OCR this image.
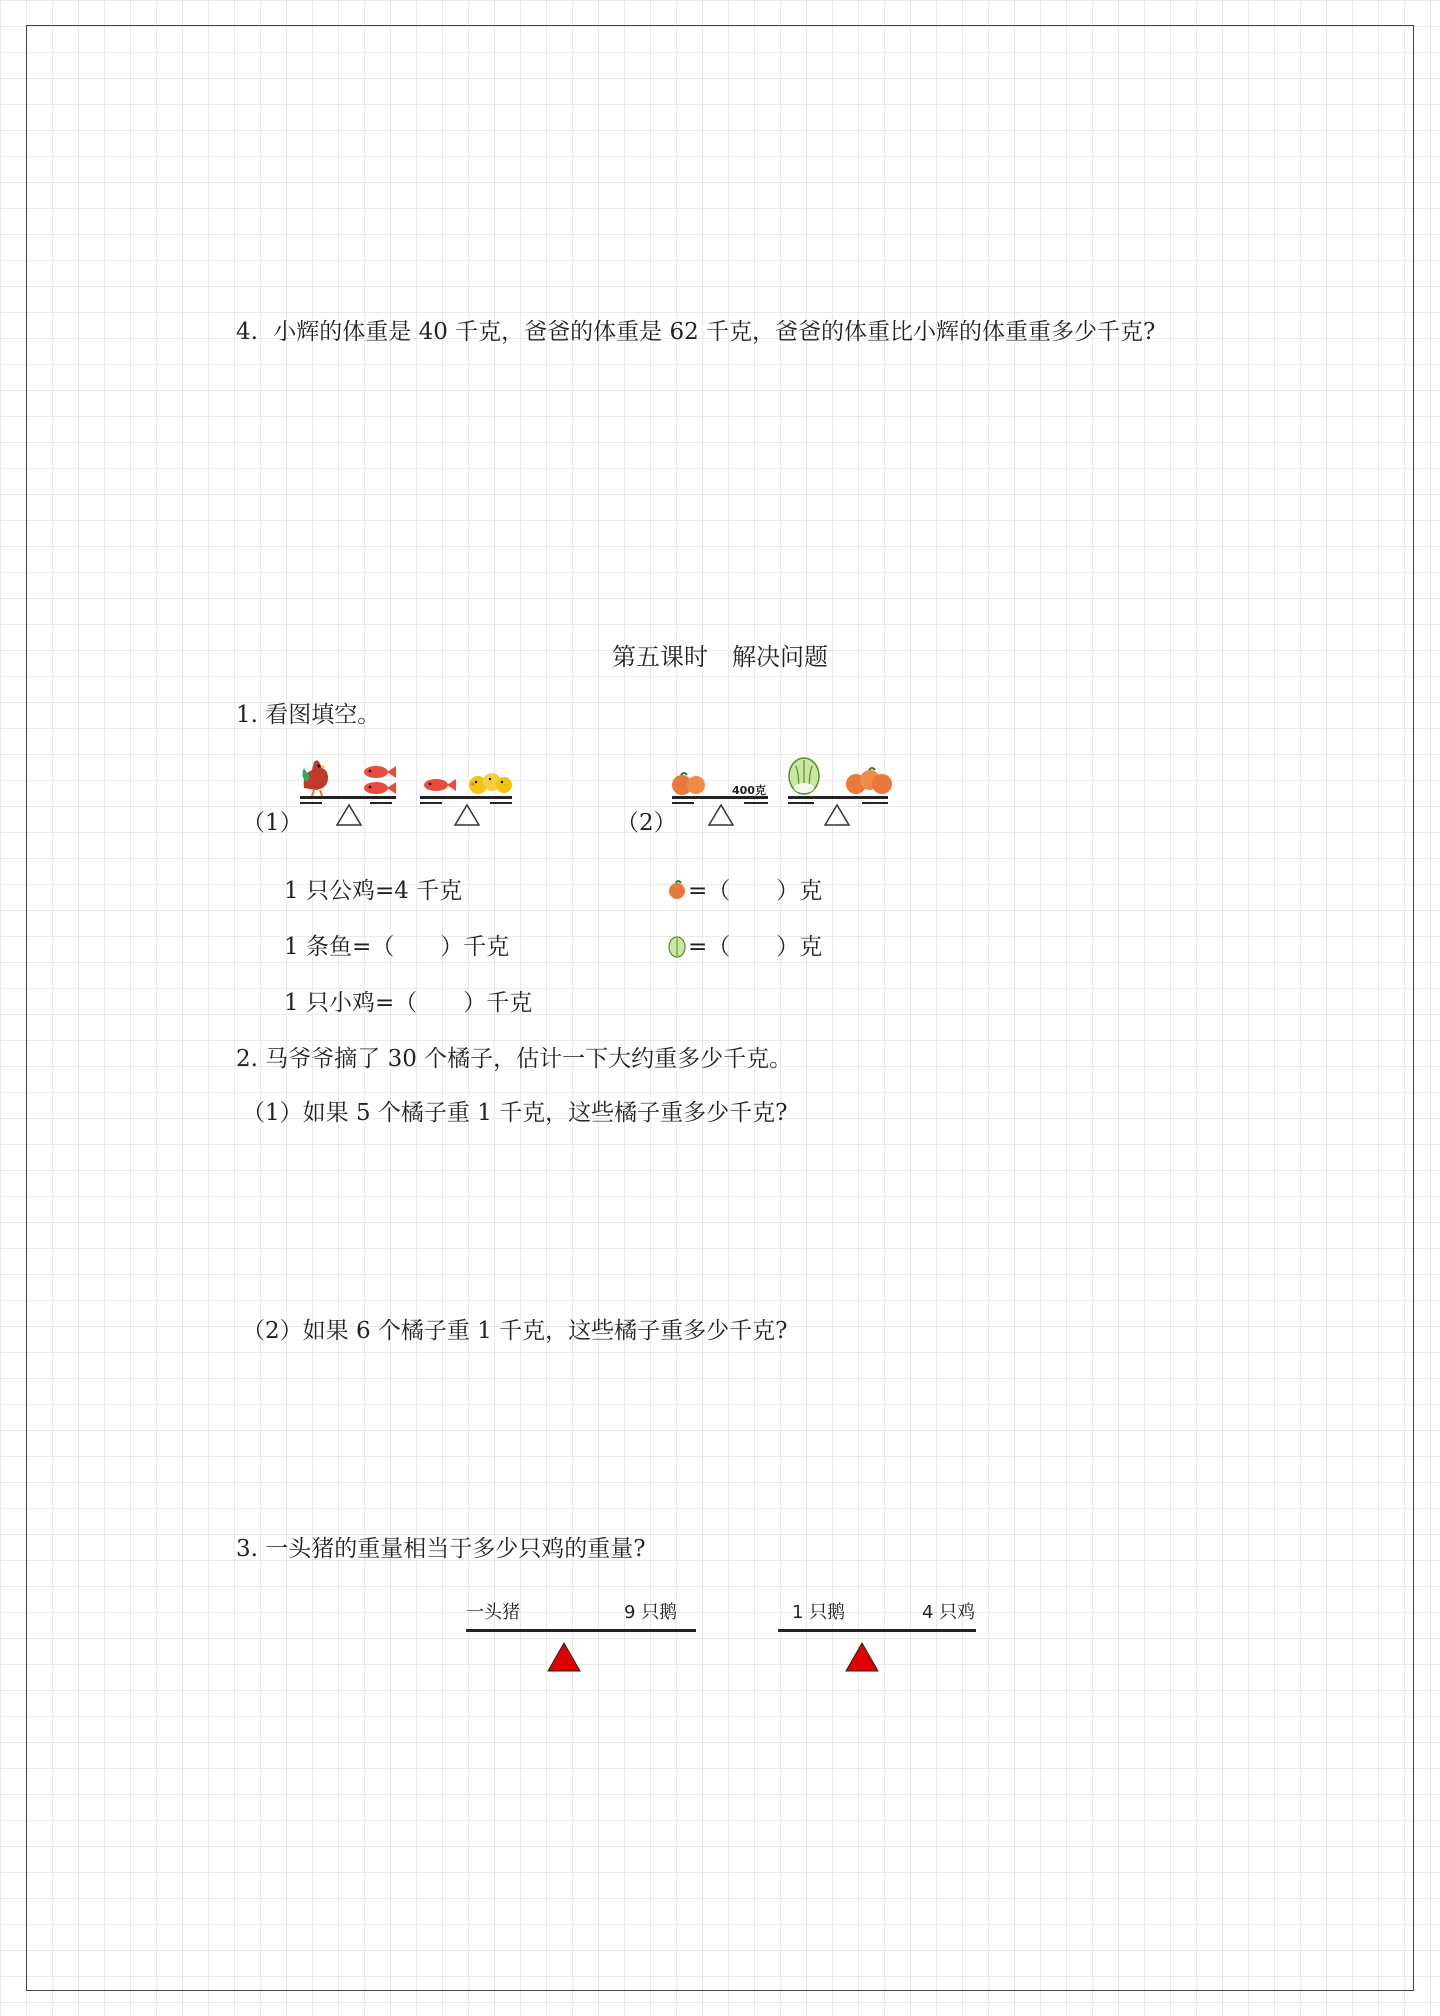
4. 小辉的体重是 40 千克，爸爸的体重是 62 千克，爸爸的体重比小辉的体重重多少千克?
第五课时　解决问题
1. 看图填空。
（1）	（2）
400克
1 只公鸡=4 千克
1 条鱼=（　　）千克
1 只小鸡=（　　）千克
=（　　）克
=（　　）克
2. 马爷爷摘了 30 个橘子，估计一下大约重多少千克。
（1）如果 5 个橘子重 1 千克，这些橘子重多少千克?
（2）如果 6 个橘子重 1 千克，这些橘子重多少千克?
3. 一头猪的重量相当于多少只鸡的重量?
一头猪	9 只鹅	1 只鹅	4 只鸡
